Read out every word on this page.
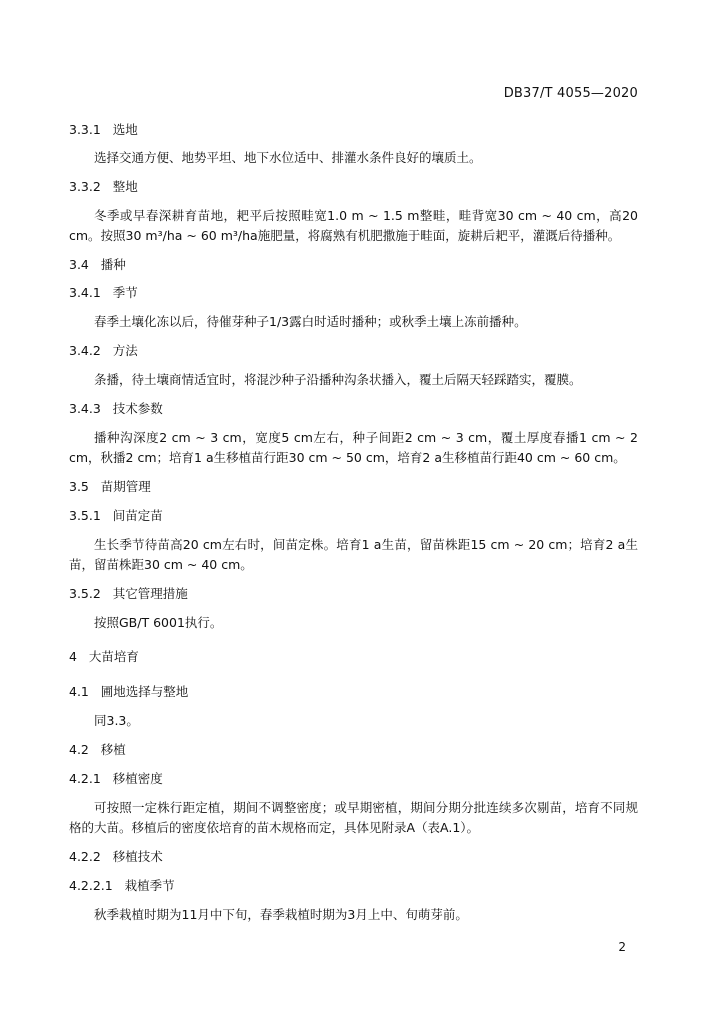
DB37/T 4055—2020
3.3.1   选地

选择交通方便、地势平坦、地下水位适中、排灌水条件良好的壤质土。

3.3.2   整地

冬季或早春深耕育苗地，耙平后按照畦宽1.0 m ~ 1.5 m整畦，畦背宽30 cm ~ 40 cm，高20 cm。按照30 m³/ha ~ 60 m³/ha施肥量，将腐熟有机肥撒施于畦面，旋耕后耙平，灌溉后待播种。

3.4   播种
3.4.1   季节

春季土壤化冻以后，待催芽种子1/3露白时适时播种；或秋季土壤上冻前播种。

3.4.2   方法

条播，待土壤商情适宜时，将混沙种子沿播种沟条状播入，覆土后隔天轻踩踏实，覆膜。

3.4.3   技术参数

播种沟深度2 cm ~ 3 cm，宽度5 cm左右，种子间距2 cm ~ 3 cm，覆土厚度春播1 cm ~ 2 cm，秋播2 cm；培育1 a生移植苗行距30 cm ~ 50 cm，培育2 a生移植苗行距40 cm ~ 60 cm。

3.5   苗期管理
3.5.1   间苗定苗

生长季节待苗高20 cm左右时，间苗定株。培育1 a生苗，留苗株距15 cm ~ 20 cm；培育2 a生苗，留苗株距30 cm ~ 40 cm。

3.5.2   其它管理措施

按照GB/T 6001执行。

4   大苗培育
4.1   圃地选择与整地

同3.3。

4.2   移植
4.2.1   移植密度

可按照一定株行距定植，期间不调整密度；或早期密植，期间分期分批连续多次剔苗，培育不同规格的大苗。移植后的密度依培育的苗木规格而定，具体见附录A（表A.1）。

4.2.2   移植技术
4.2.2.1   栽植季节

秋季栽植时期为11月中下旬，春季栽植时期为3月上中、旬萌芽前。

2
